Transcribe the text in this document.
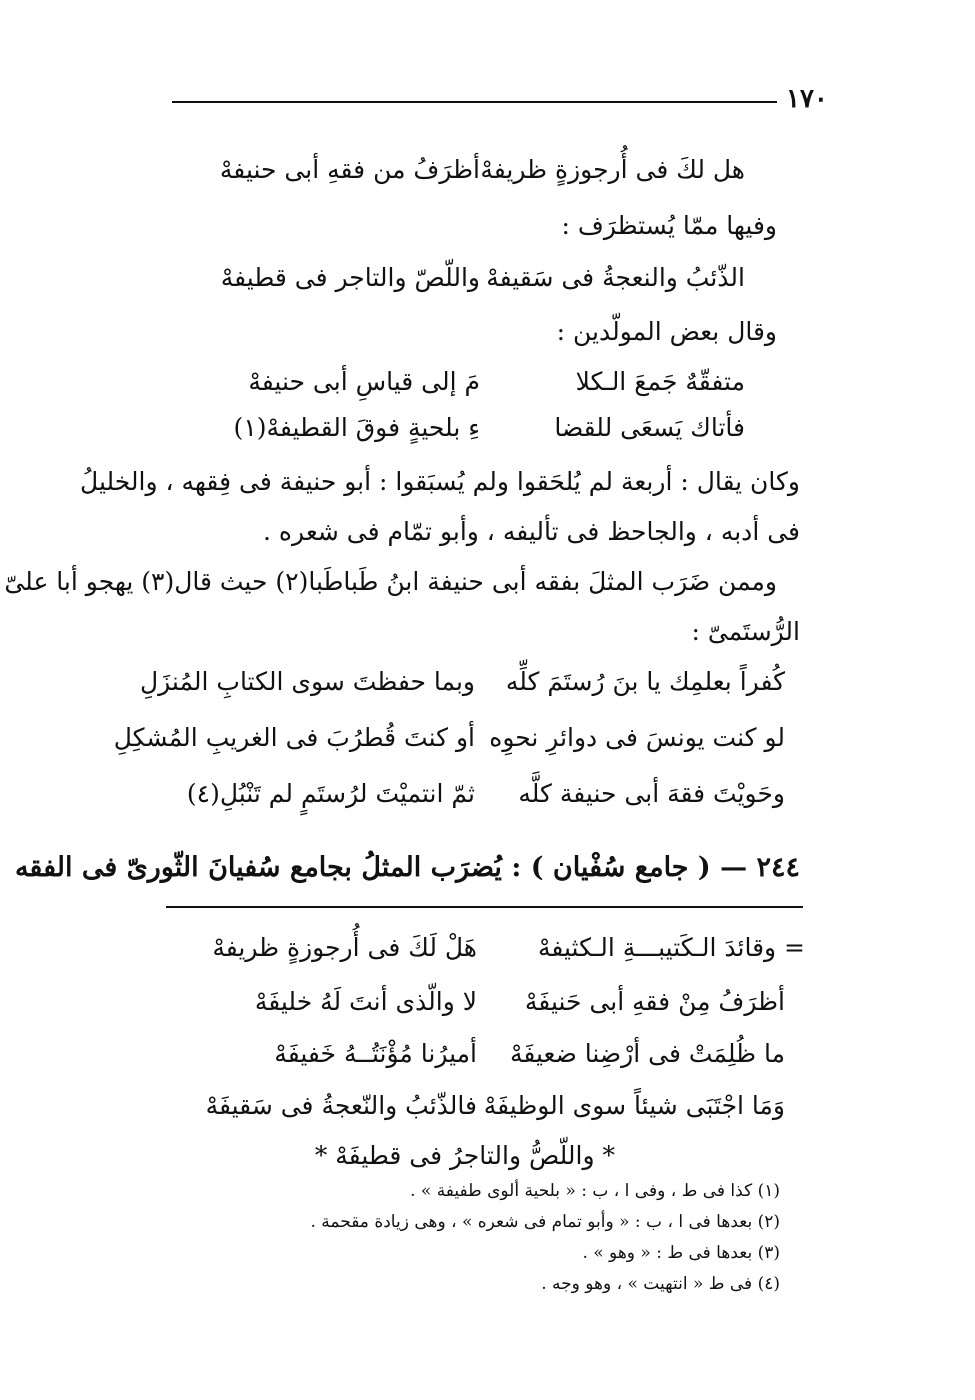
١٧٠
هل لكَ فى أُرجوزةٍ ظريفهْ
أظرَفُ من فقهِ أبى حنيفهْ
وفيها ممّا يُستظرَف :
الذّئبُ والنعجةُ فى سَقيفهْ
واللّصّ والتاجر فى قطيفهْ
وقال بعض المولّدين :
متفقّهٌ جَمعَ الـكلا
مَ إلى قياسِ أبى حنيفهْ
فأتاك يَسعَى للقضا
ءِ بلحيةٍ فوقَ القطيفهْ(١)
وكان يقال : أربعة لم يُلحَقوا ولم يُسبَقوا : أبو حنيفة فى فِقهه ، والخليلُ
فى أدبه ، والجاحظ فى تأليفه ، وأبو تمّام فى شعره .
وممن ضَرَب المثلَ بفقه أبى حنيفة ابنُ طَباطَبا(٢) حيث قال(٣) يهجو أبا علىّ
الرُّستَمىّ :
كُفراً بعلمِك يا بنَ رُستَمَ كلِّه
وبما حفظتَ سوى الكتابِ المُنزَلِ
لو كنت يونسَ فى دوائرِ نحوِه
أو كنتَ قُطرُبَ فى الغريبِ المُشكِلِ
وحَويْتَ فقهَ أبى حنيفة كلَّه
ثمّ انتميْتَ لرُستَمٍ لم تَنْبُلِ(٤)
٢٤٤ — ( جامع سُفْيان ) : يُضرَب المثلُ بجامع سُفيانَ الثّورىّ فى الفقه
= وقائدَ الـكَتيبـــةِ الـكثيفهْ
هَلْ لَكَ فى أُرجوزةٍ ظريفهْ
أظرَفُ مِنْ فقهِ أبى حَنيفَهْ
لا والّذى أنتَ لَهُ خليفَهْ
ما ظُلِمَتْ فى أرْضِنا ضعيفَهْ
أميرُنا مُؤْنَتُــهُ خَفيفَهْ
وَمَا اجْتَبَى شيئاً سوى الوظيفَهْ
فالذّئبُ والنّعجةُ فى سَقيفَهْ
* واللّصُّ والتاجرُ فى قطيفَهْ *
(١) كذا فى ط ، وفى ا ، ب : « بلحية ألوى طفيفة » .
(٢) بعدها فى ا ، ب : « وأبو تمام فى شعره » ، وهى زيادة مقحمة .
(٣) بعدها فى ط : « وهو » .
(٤) فى ط « انتهيت » ، وهو وجه .
